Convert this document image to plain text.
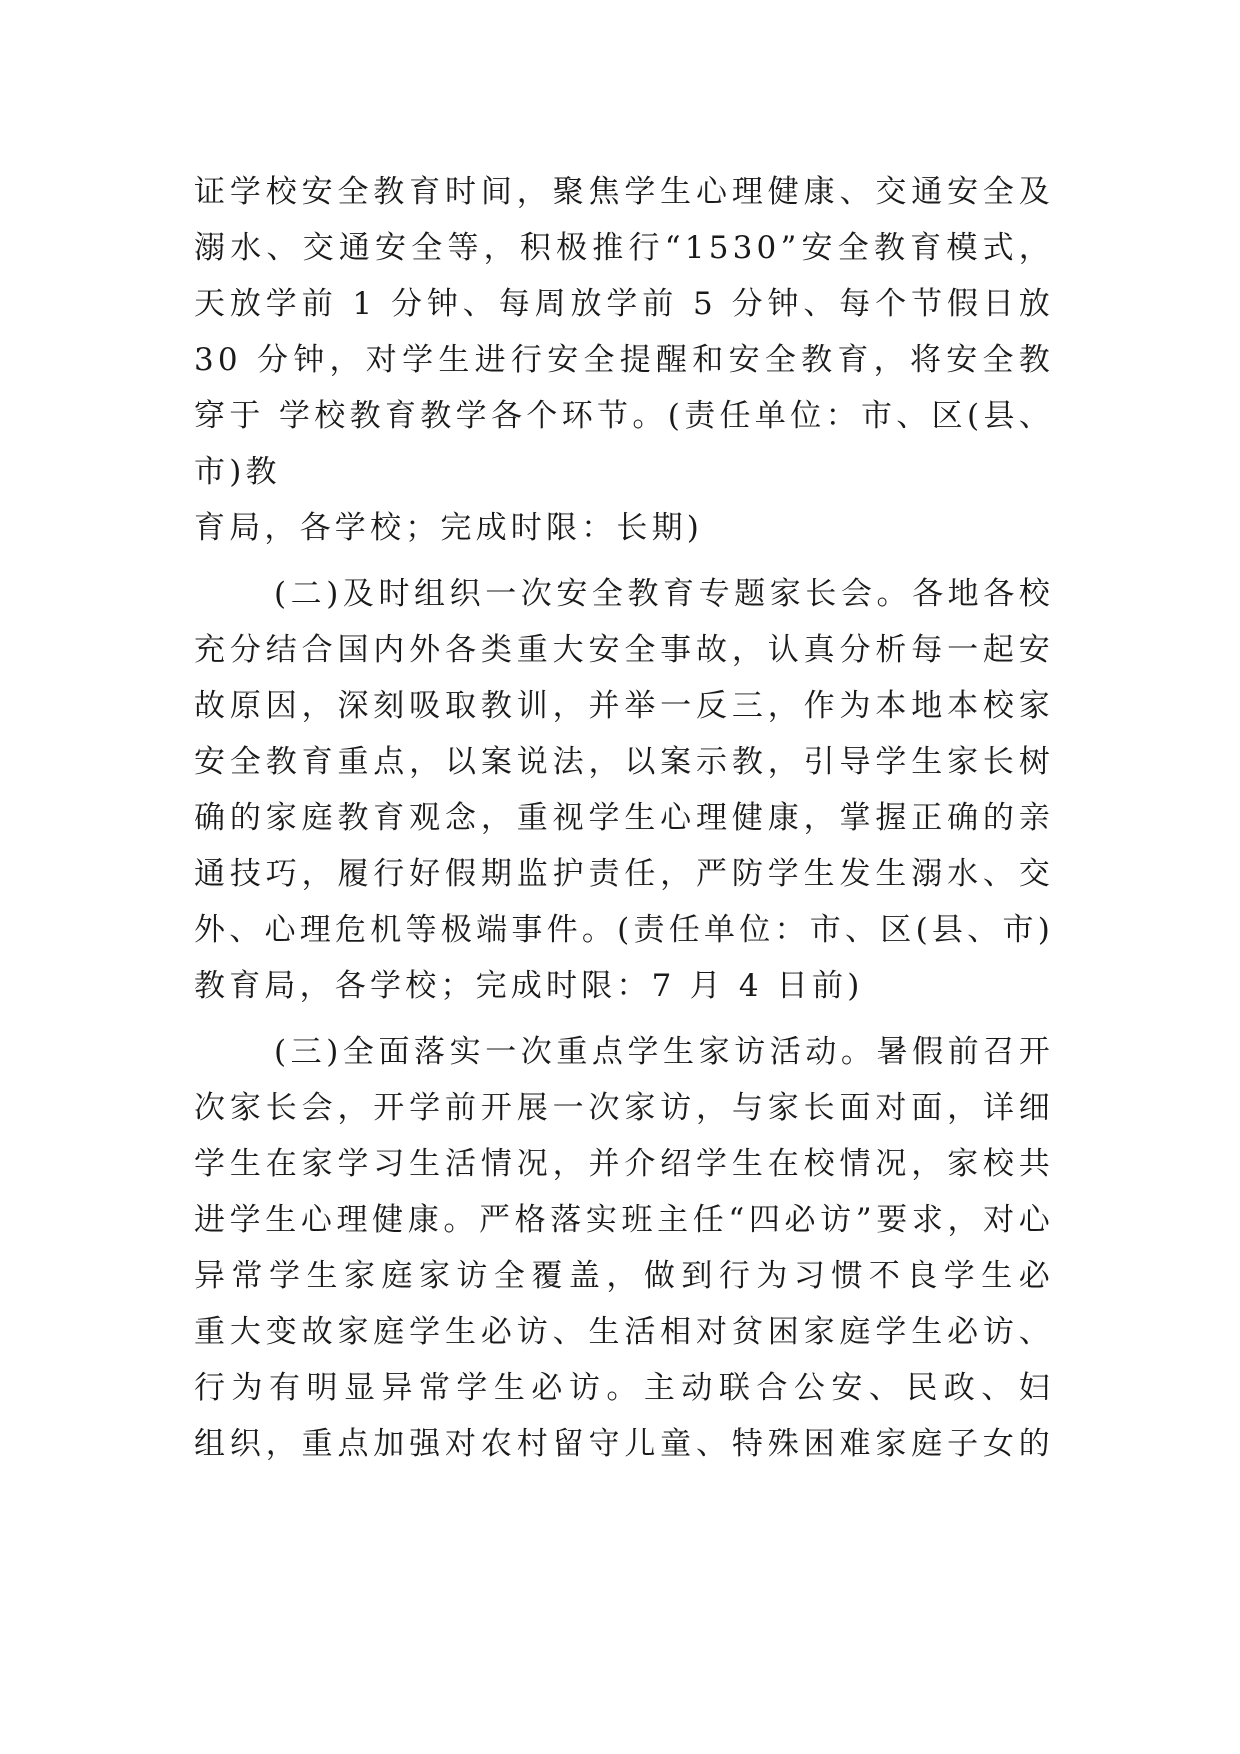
证学校安全教育时间，聚焦学生心理健康、交通安全及
溺水、交通安全等，积极推行“1530”安全教育模式，
天放学前 1 分钟、每周放学前 5 分钟、每个节假日放
30 分钟，对学生进行安全提醒和安全教育，将安全教
穿于 学校教育教学各个环节。(责任单位：市、区(县、
市)教
育局，各学校；完成时限：长期)
(二)及时组织一次安全教育专题家长会。各地各校
充分结合国内外各类重大安全事故，认真分析每一起安
故原因，深刻吸取教训，并举一反三，作为本地本校家
安全教育重点，以案说法，以案示教，引导学生家长树
确的家庭教育观念，重视学生心理健康，掌握正确的亲
通技巧，履行好假期监护责任，严防学生发生溺水、交
外、心理危机等极端事件。(责任单位：市、区(县、市)
教育局，各学校；完成时限：7 月 4 日前)
(三)全面落实一次重点学生家访活动。暑假前召开
次家长会，开学前开展一次家访，与家长面对面，详细
学生在家学习生活情况，并介绍学生在校情况，家校共
进学生心理健康。严格落实班主任“四必访”要求，对心
异常学生家庭家访全覆盖，做到行为习惯不良学生必
重大变故家庭学生必访、生活相对贫困家庭学生必访、
行为有明显异常学生必访。主动联合公安、民政、妇
组织，重点加强对农村留守儿童、特殊困难家庭子女的
